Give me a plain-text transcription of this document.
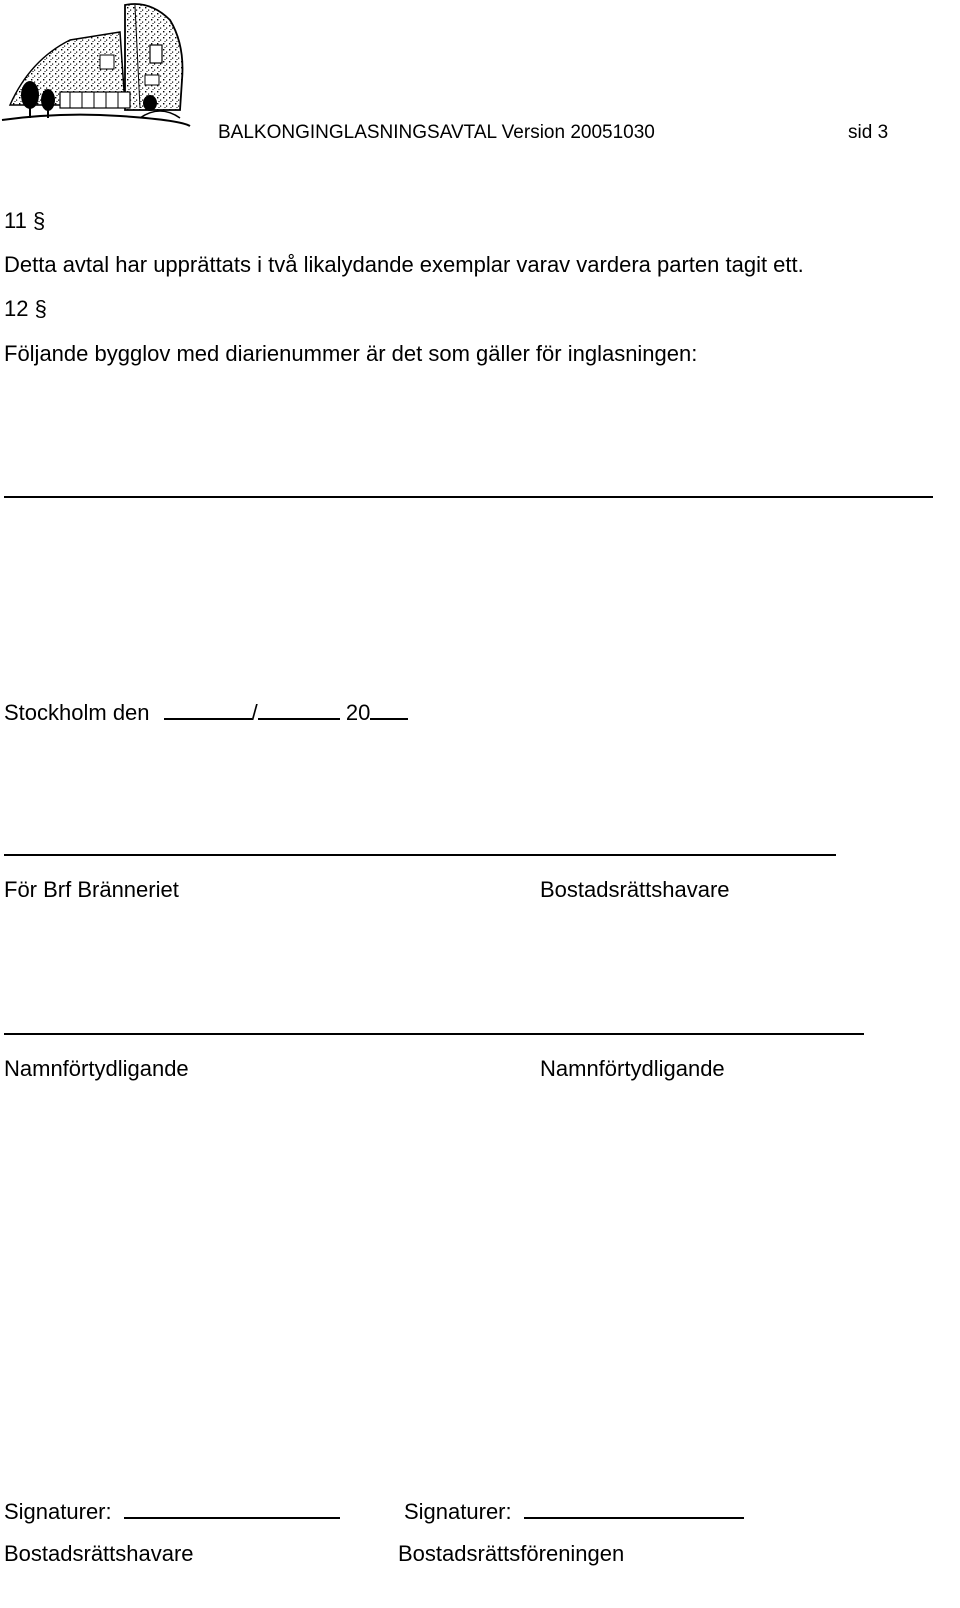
BALKONGINGLASNINGSAVTAL Version 20051030	sid 3
11 §
Detta avtal har upprättats i två likalydande exemplar varav vardera parten tagit ett.
12 §
Följande bygglov med diarienummer är det som gäller för inglasningen:
Stockholm den	/	20
För Brf Bränneriet	Bostadsrättshavare
Namnförtydligande	Namnförtydligande
Signaturer:	Signaturer:
Bostadsrättshavare	Bostadsrättsföreningen
